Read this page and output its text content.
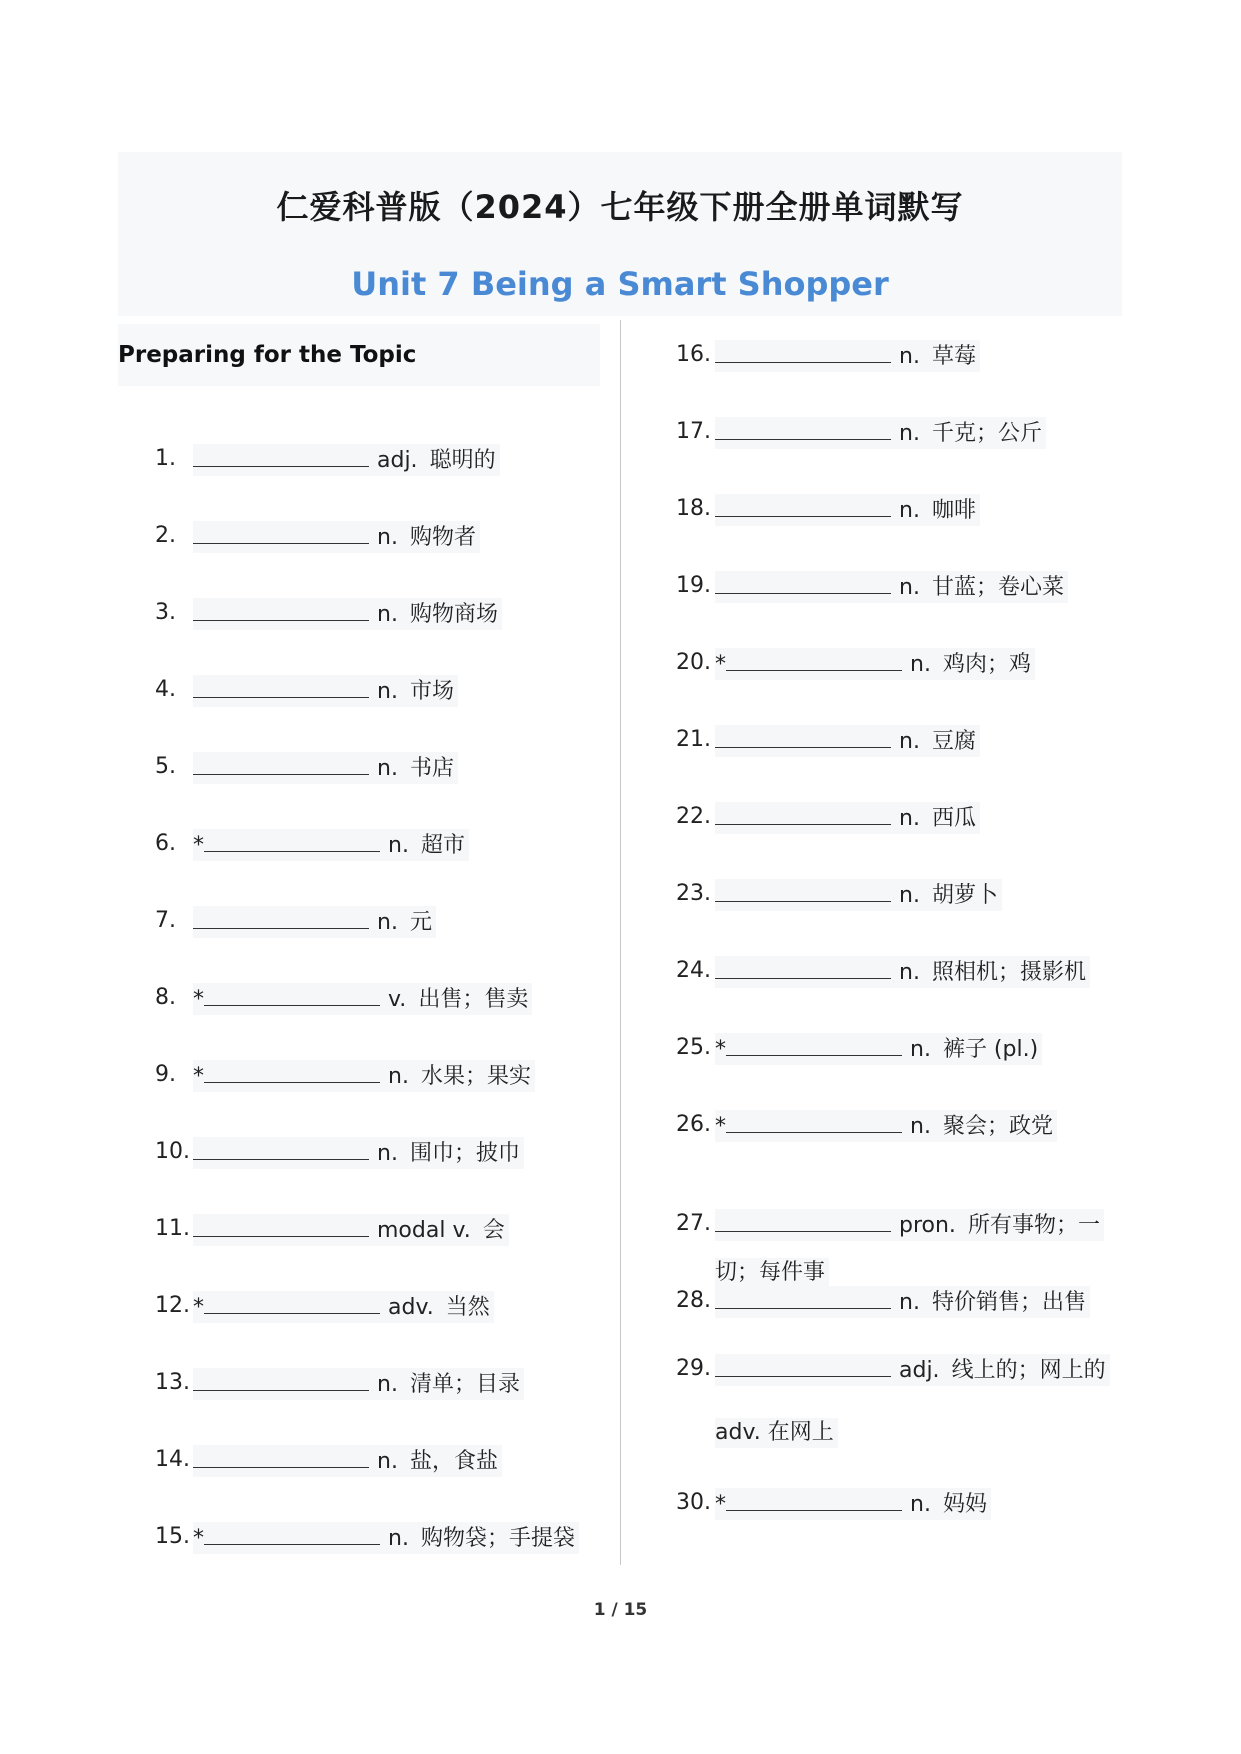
仁爱科普版（2024）七年级下册全册单词默写
Unit 7 Being a Smart Shopper
Preparing for the Topic
1.	adj. 聪明的
2.	n. 购物者
3.	n. 购物商场
4.	n. 市场
5.	n. 书店
6. *	n. 超市
7.	n. 元
8. *	v. 出售；售卖
9. *	n. 水果；果实
10.	n. 围巾；披巾
11.	modal v. 会
12. *	adv. 当然
13.	n. 清单；目录
14.	n. 盐，食盐
15. *	n. 购物袋；手提袋
16.	n. 草莓
17.	n. 千克；公斤
18.	n. 咖啡
19.	n. 甘蓝；卷心菜
20. *	n. 鸡肉；鸡
21.	n. 豆腐
22.	n. 西瓜
23.	n. 胡萝卜
24.	n. 照相机；摄影机
25. *	n. 裤子 (pl.)
26. *	n. 聚会；政党
27.	pron. 所有事物；一
切；每件事
28.	n. 特价销售；出售
29.	adj. 线上的；网上的
adv. 在网上
30. *	n. 妈妈
1 / 15
